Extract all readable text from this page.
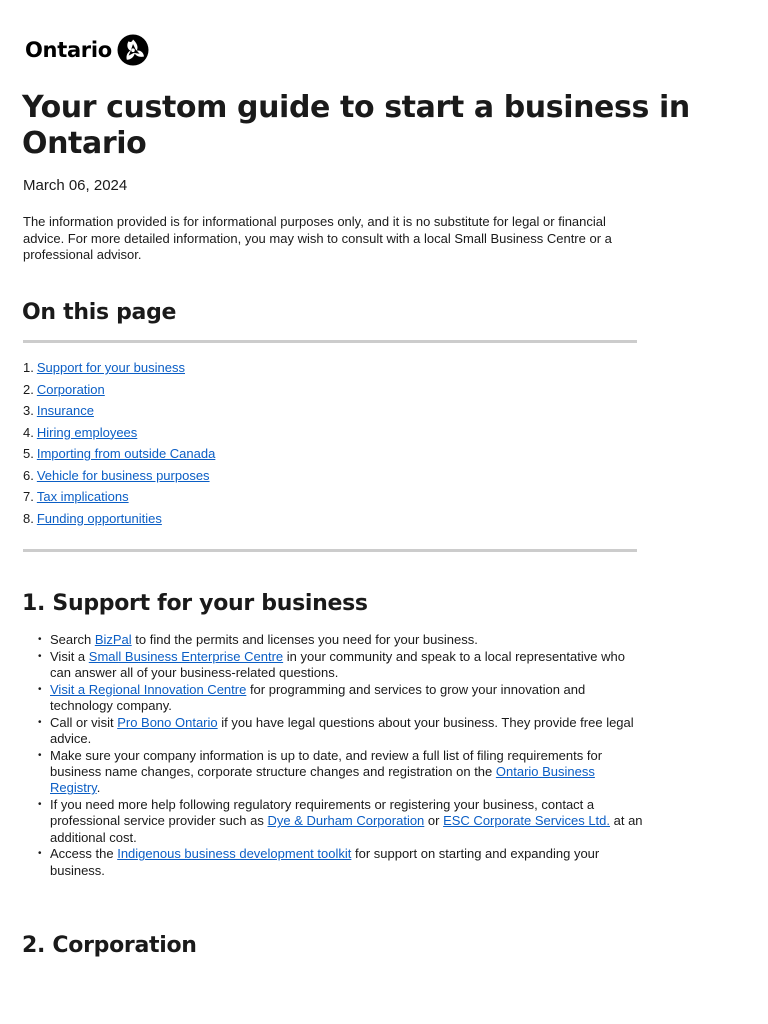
Ontario
Your custom guide to start a business in Ontario
March 06, 2024

The information provided is for informational purposes only, and it is no substitute for legal or financial advice. For more detailed information, you may wish to consult with a local Small Business Centre or a professional advisor.

On this page
1. Support for your business
2. Corporation
3. Insurance
4. Hiring employees
5. Importing from outside Canada
6. Vehicle for business purposes
7. Tax implications
8. Funding opportunities
1. Support for your business
• Search BizPal to find the permits and licenses you need for your business.
• Visit a Small Business Enterprise Centre in your community and speak to a local representative who can answer all of your business-related questions.
• Visit a Regional Innovation Centre for programming and services to grow your innovation and technology company.
• Call or visit Pro Bono Ontario if you have legal questions about your business. They provide free legal advice.
• Make sure your company information is up to date, and review a full list of filing requirements for business name changes, corporate structure changes and registration on the Ontario Business Registry.
• If you need more help following regulatory requirements or registering your business, contact a professional service provider such as Dye & Durham Corporation or ESC Corporate Services Ltd. at an additional cost.
• Access the Indigenous business development toolkit for support on starting and expanding your business.
2. Corporation
